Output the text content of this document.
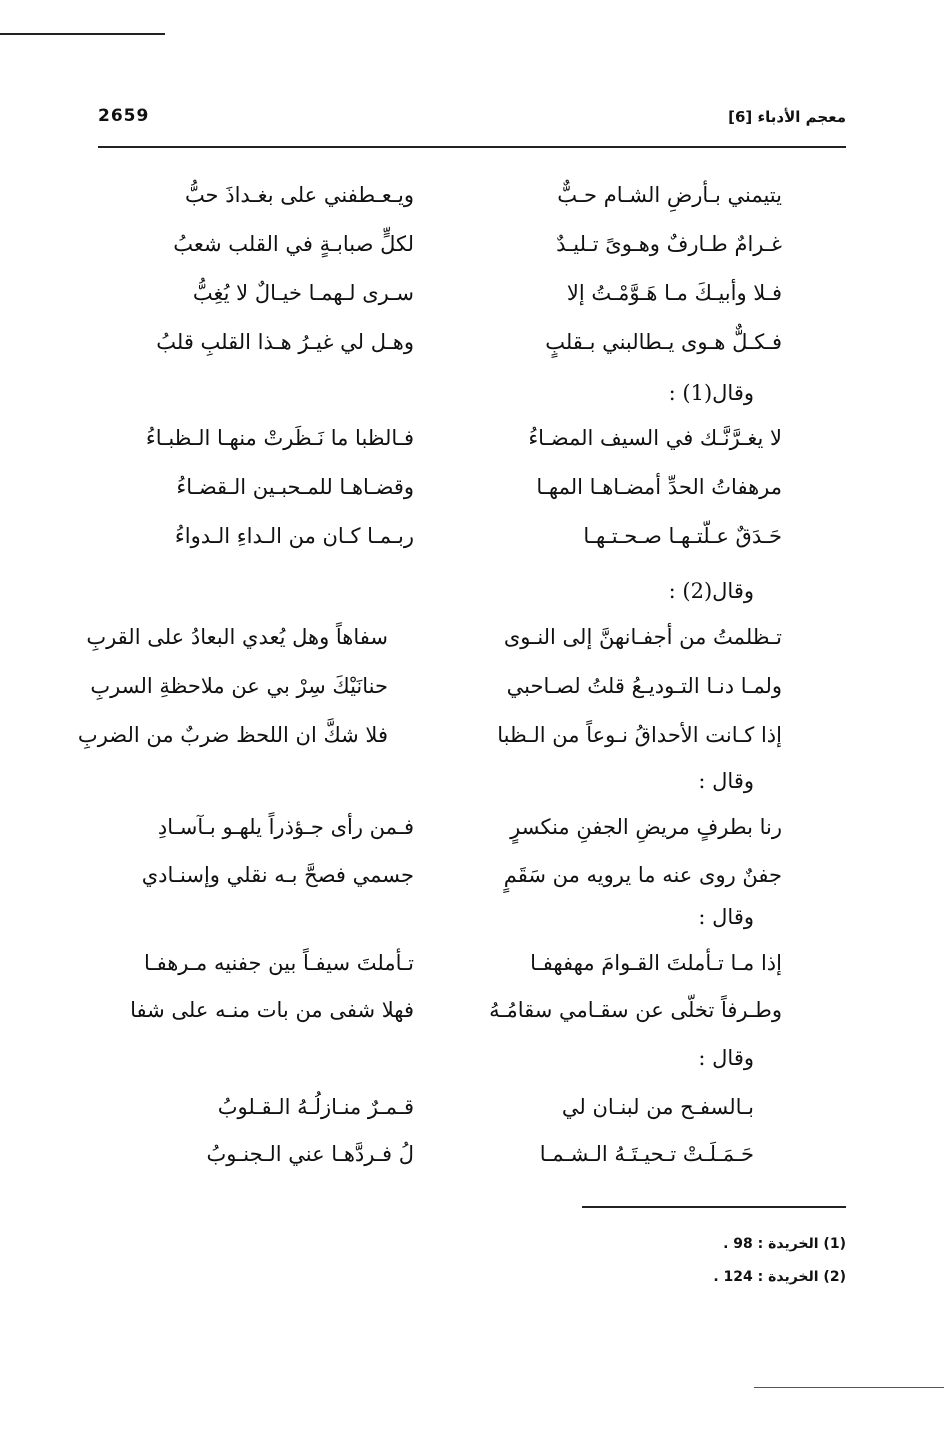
2659	معجم الأدباء [6]
يتيمني بـأرضِ الشـام حـبٌّ
ويـعـطفني على بغـداذَ حبُّ
غـرامٌ طـارفٌ وهـوىً تـليـدٌ
لكلٍّ صبابـةٍ في القلب شعبُ
فـلا وأبيـكَ مـا هَـوَّمْـتُ إلا
سـرى لـهمـا خيـالٌ لا يُغِبُّ
فـكـلٌّ هـوى يـطالبني بـقلبٍ
وهـل لي غيـرُ هـذا القلبِ قلبُ
وقال(1) :
لا يغـرَّنَّـك في السيف المضـاءُ
فـالظبا ما نَـظَرتْ منهـا الـظبـاءُ
مرهفاتُ الحدِّ أمضـاهـا المهـا
وقضـاهـا للمـحبـين الـقضـاءُ
حَـدَقٌ عـلّتـهـا صـحـتـهـا
ربـمـا كـان من الـداءِ الـدواءُ
وقال(2) :
تـظلمتُ من أجفـانهنَّ إلى النـوى
سفاهاً وهل يُعدي البعادُ على القربِ
ولمـا دنـا التـوديـعُ قلتُ لصـاحبي
حنانَيْكَ سِرْ بي عن ملاحظةِ السربِ
إذا كـانت الأحداقُ نـوعاً من الـظبا
فلا شكَّ ان اللحظ ضربٌ من الضربِ
وقال :
رنا بطرفٍ مريضِ الجفنِ منكسرٍ
فـمن رأى جـؤذراً يلهـو بـآسـادِ
جفنٌ روى عنه ما يرويه من سَقَمٍ
جسمي فصحَّ بـه نقلي وإسنـادي
وقال :
إذا مـا تـأملتَ القـوامَ مهفهفـا
تـأملتَ سيفـاً بين جفنيه مـرهفـا
وطـرفاً تخلّى عن سقـامي سقامُـهُ
فهلا شفى من بات منـه على شفا
وقال :
بـالسفـح من لبنـان لي
قـمـرٌ منـازلُـهُ الـقـلوبُ
حَـمَـلَـتْ تـحيـتَـهُ الـشـمـا
لُ فـردَّهـا عني الـجنـوبُ
(1) الخريدة : 98 .
(2) الخريدة : 124 .
